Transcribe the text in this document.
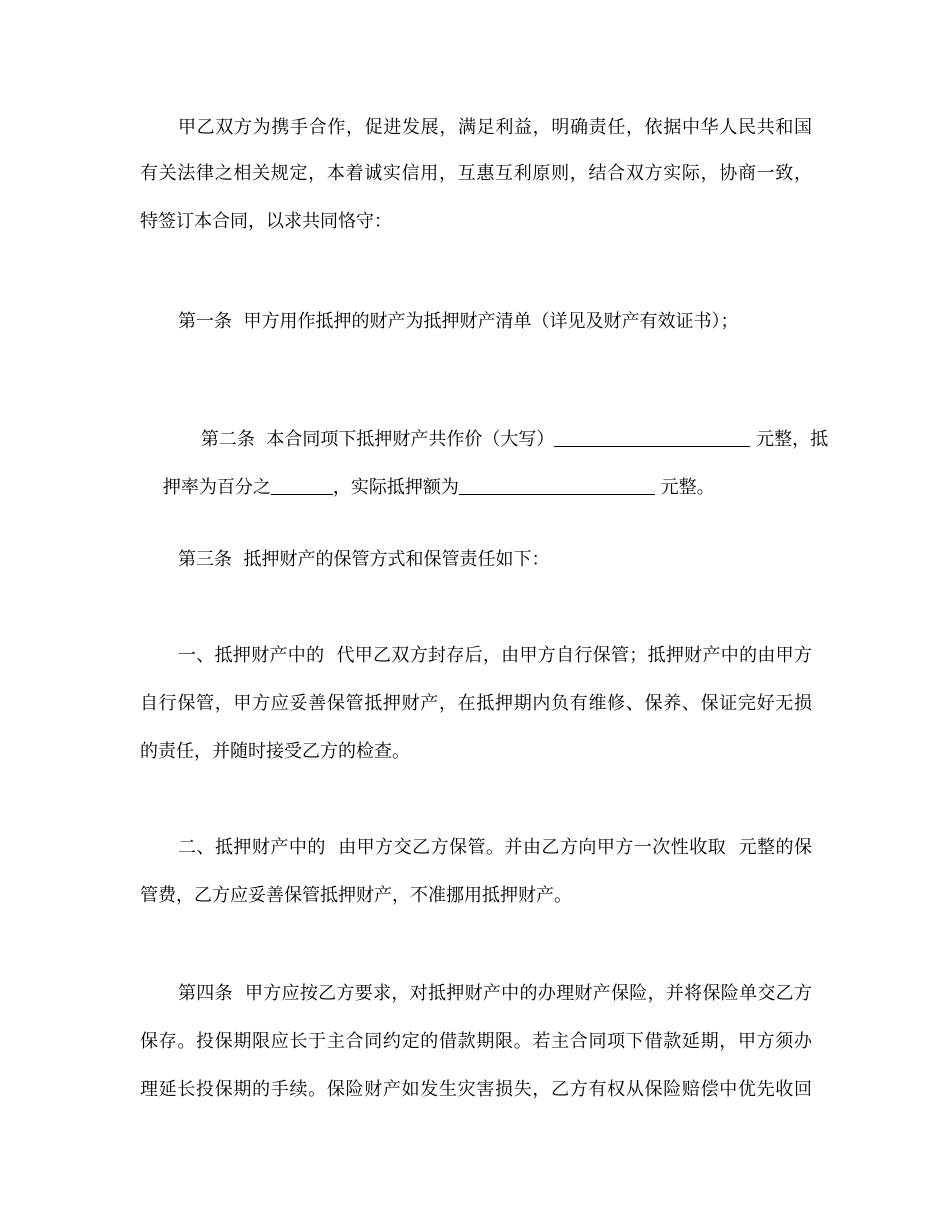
甲乙双方为携手合作，促进发展，满足利益，明确责任，依据中华人民共和国
有关法律之相关规定，本着诚实信用，互惠互利原则，结合双方实际，协商一致，
特签订本合同，以求共同恪守：
第一条  甲方用作抵押的财产为抵押财产清单（详见及财产有效证书）；

第二条  本合同项下抵押财产共作价（大写）	元整，抵

押率为百分之	，实际抵押额为	元整。

第三条  抵押财产的保管方式和保管责任如下：
一、抵押财产中的  代甲乙双方封存后，由甲方自行保管；抵押财产中的由甲方
自行保管，甲方应妥善保管抵押财产，在抵押期内负有维修、保养、保证完好无损
的责任，并随时接受乙方的检查。
二、抵押财产中的  由甲方交乙方保管。并由乙方向甲方一次性收取  元整的保
管费，乙方应妥善保管抵押财产，不准挪用抵押财产。
第四条  甲方应按乙方要求，对抵押财产中的办理财产保险，并将保险单交乙方
保存。投保期限应长于主合同约定的借款期限。若主合同项下借款延期，甲方须办
理延长投保期的手续。保险财产如发生灾害损失，乙方有权从保险赔偿中优先收回
